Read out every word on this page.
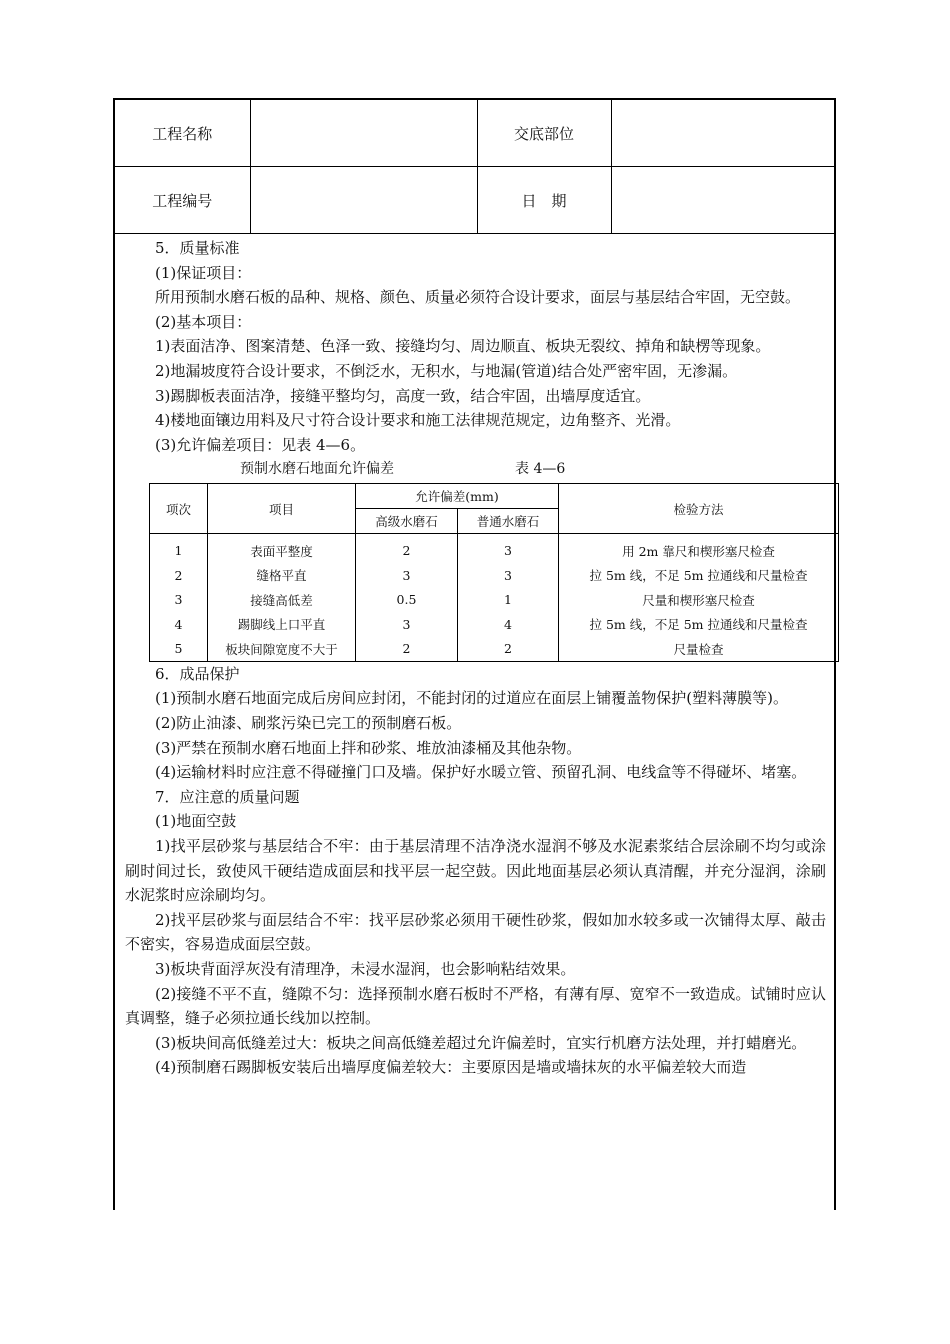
工程名称		交底部位	
工程编号		日　期	

5．质量标准

(1)保证项目：

所用预制水磨石板的品种、规格、颜色、质量必须符合设计要求，面层与基层结合牢固，无空鼓。

(2)基本项目：

1)表面洁净、图案清楚、色泽一致、接缝均匀、周边顺直、板块无裂纹、掉角和缺楞等现象。

2)地漏坡度符合设计要求，不倒泛水，无积水，与地漏(管道)结合处严密牢固，无渗漏。

3)踢脚板表面洁净，接缝平整均匀，高度一致，结合牢固，出墙厚度适宜。

4)楼地面镶边用料及尺寸符合设计要求和施工法律规范规定，边角整齐、光滑。

(3)允许偏差项目：见表 4—6。

预制水磨石地面允许偏差	表 4—6
项次	项目	允许偏差(mm)		检验方法
		高级水磨石	普通水磨石	
1	表面平整度	2	3	用 2m 靠尺和楔形塞尺检查
2	缝格平直	3	3	拉 5m 线，不足 5m 拉通线和尺量检查
3	接缝高低差	0.5	1	尺量和楔形塞尺检查
4	踢脚线上口平直	3	4	拉 5m 线，不足 5m 拉通线和尺量检查
5	板块间隙宽度不大于	2	2	尺量检查

6．成品保护

(1)预制水磨石地面完成后房间应封闭，不能封闭的过道应在面层上铺覆盖物保护(塑料薄膜等)。

(2)防止油漆、刷浆污染已完工的预制磨石板。

(3)严禁在预制水磨石地面上拌和砂浆、堆放油漆桶及其他杂物。

(4)运输材料时应注意不得碰撞门口及墙。保护好水暖立管、预留孔洞、电线盒等不得碰坏、堵塞。

7．应注意的质量问题

(1)地面空鼓

1)找平层砂浆与基层结合不牢：由于基层清理不洁净浇水湿润不够及水泥素浆结合层涂刷不均匀或涂刷时间过长，致使风干硬结造成面层和找平层一起空鼓。因此地面基层必须认真清醒，并充分湿润，涂刷水泥浆时应涂刷均匀。

2)找平层砂浆与面层结合不牢：找平层砂浆必须用干硬性砂浆，假如加水较多或一次铺得太厚、敲击不密实，容易造成面层空鼓。

3)板块背面浮灰没有清理净，未浸水湿润，也会影响粘结效果。

(2)接缝不平不直，缝隙不匀：选择预制水磨石板时不严格，有薄有厚、宽窄不一致造成。试铺时应认真调整，缝子必须拉通长线加以控制。

(3)板块间高低缝差过大：板块之间高低缝差超过允许偏差时，宜实行机磨方法处理，并打蜡磨光。

(4)预制磨石踢脚板安装后出墙厚度偏差较大：主要原因是墙或墙抹灰的水平偏差较大而造
